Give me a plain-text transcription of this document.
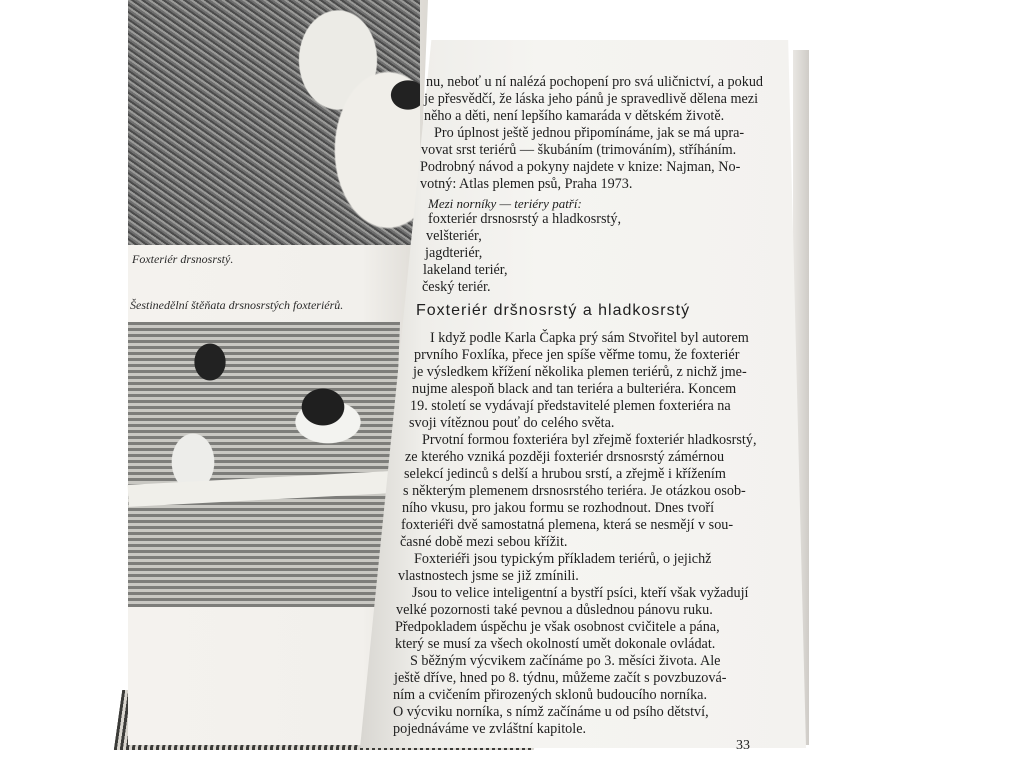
Foxteriér drsnosrstý.
Šestinedělní štěňata drsnosrstých foxteriérů.
nu, neboť u ní nalézá pochopení pro svá uličnictví, a pokud
je přesvědčí, že láska jeho pánů je spravedlivě dělena mezi
něho a děti, není lepšího kamaráda v dětském životě.
Pro úplnost ještě jednou připomínáme, jak se má upra-
vovat srst teriérů — škubáním (trimováním), stříháním.
Podrobný návod a pokyny najdete v knize: Najman, No-
votný: Atlas plemen psů, Praha 1973.
Mezi norníky — teriéry patří:
foxteriér drsnosrstý a hladkosrstý,
velšteriér,
jagdteriér,
lakeland teriér,
český teriér.
Foxteriér dršnosrstý a hladkosrstý
I když podle Karla Čapka prý sám Stvořitel byl autorem
prvního Foxlíka, přece jen spíše věřme tomu, že foxteriér
je výsledkem křížení několika plemen teriérů, z nichž jme-
nujme alespoň black and tan teriéra a bulteriéra. Koncem
19. století se vydávají představitelé plemen foxteriéra na
svoji vítěznou pouť do celého světa.
Prvotní formou foxteriéra byl zřejmě foxteriér hladkosrstý,
ze kterého vzniká později foxteriér drsnosrstý zámérnou
selekcí jedinců s delší a hrubou srstí, a zřejmě i křížením
s některým plemenem drsnosrstého teriéra. Je otázkou osob-
ního vkusu, pro jakou formu se rozhodnout. Dnes tvoří
foxteriéři dvě samostatná plemena, která se nesmějí v sou-
časné době mezi sebou křížit.
Foxteriéři jsou typickým příkladem teriérů, o jejichž
vlastnostech jsme se již zmínili.
Jsou to velice inteligentní a bystří psíci, kteří však vyžadují
velké pozornosti také pevnou a důslednou pánovu ruku.
Předpokladem úspěchu je však osobnost cvičitele a pána,
který se musí za všech okolností umět dokonale ovládat.
S běžným výcvikem začínáme po 3. měsíci života. Ale
ještě dříve, hned po 8. týdnu, můžeme začít s povzbuzová-
ním a cvičením přirozených sklonů budoucího norníka.
O výcviku norníka, s nímž začínáme u od psího dětství,
pojednáváme ve zvláštní kapitole.
33
